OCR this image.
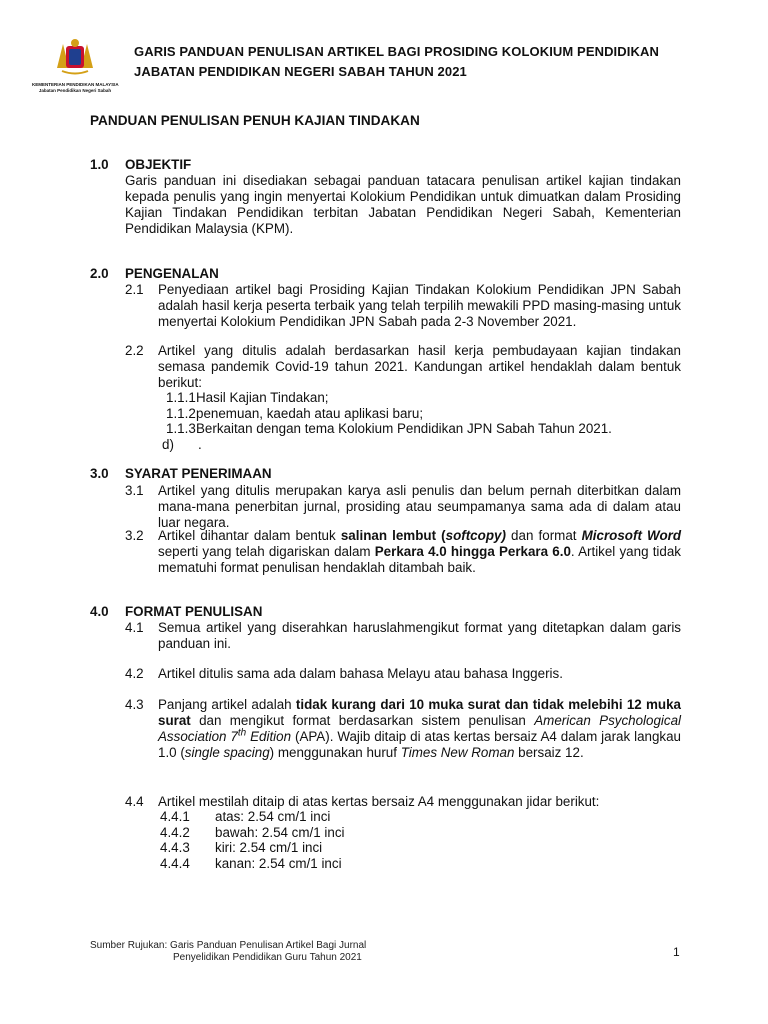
KEMENTERIAN PENDIDIKAN MALAYSIA
Jabatan Pendidikan Negeri Sabah
GARIS PANDUAN PENULISAN ARTIKEL BAGI PROSIDING KOLOKIUM PENDIDIKAN
JABATAN PENDIDIKAN NEGERI SABAH TAHUN 2021
PANDUAN PENULISAN PENUH KAJIAN TINDAKAN
1.0 OBJEKTIF
Garis panduan ini disediakan sebagai panduan tatacara penulisan artikel kajian tindakan kepada penulis yang ingin menyertai Kolokium Pendidikan untuk dimuatkan dalam Prosiding Kajian Tindakan Pendidikan terbitan Jabatan Pendidikan Negeri Sabah, Kementerian Pendidikan Malaysia (KPM).
2.0 PENGENALAN
2.1 Penyediaan artikel bagi Prosiding Kajian Tindakan Kolokium Pendidikan JPN Sabah adalah hasil kerja peserta terbaik yang telah terpilih mewakili PPD masing-masing untuk menyertai Kolokium Pendidikan JPN Sabah pada 2-3 November 2021.
2.2 Artikel yang ditulis adalah berdasarkan hasil kerja pembudayaan kajian tindakan semasa pandemik Covid-19 tahun 2021. Kandungan artikel hendaklah dalam bentuk berikut:
1.1.1Hasil Kajian Tindakan;
1.1.2penemuan, kaedah atau aplikasi baru;
1.1.3Berkaitan dengan tema Kolokium Pendidikan JPN Sabah Tahun 2021.
d) .
3.0 SYARAT PENERIMAAN
3.1 Artikel yang ditulis merupakan karya asli penulis dan belum pernah diterbitkan dalam mana-mana penerbitan jurnal, prosiding atau seumpamanya sama ada di dalam atau luar negara.
3.2 Artikel dihantar dalam bentuk salinan lembut (softcopy) dan format Microsoft Word seperti yang telah digariskan dalam Perkara 4.0 hingga Perkara 6.0. Artikel yang tidak mematuhi format penulisan hendaklah ditambah baik.
4.0 FORMAT PENULISAN
4.1 Semua artikel yang diserahkan haruslahmengikut format yang ditetapkan dalam garis panduan ini.
4.2 Artikel ditulis sama ada dalam bahasa Melayu atau bahasa Inggeris.
4.3 Panjang artikel adalah tidak kurang dari 10 muka surat dan tidak melebihi 12 muka surat dan mengikut format berdasarkan sistem penulisan American Psychological Association 7th Edition (APA). Wajib ditaip di atas kertas bersaiz A4 dalam jarak langkau 1.0 (single spacing) menggunakan huruf Times New Roman bersaiz 12.
4.4 Artikel mestilah ditaip di atas kertas bersaiz A4 menggunakan jidar berikut:
4.4.1 atas: 2.54 cm/1 inci
4.4.2 bawah: 2.54 cm/1 inci
4.4.3 kiri: 2.54 cm/1 inci
4.4.4 kanan: 2.54 cm/1 inci
Sumber Rujukan: Garis Panduan Penulisan Artikel Bagi Jurnal
Penyelidikan Pendidikan Guru Tahun 2021	1
